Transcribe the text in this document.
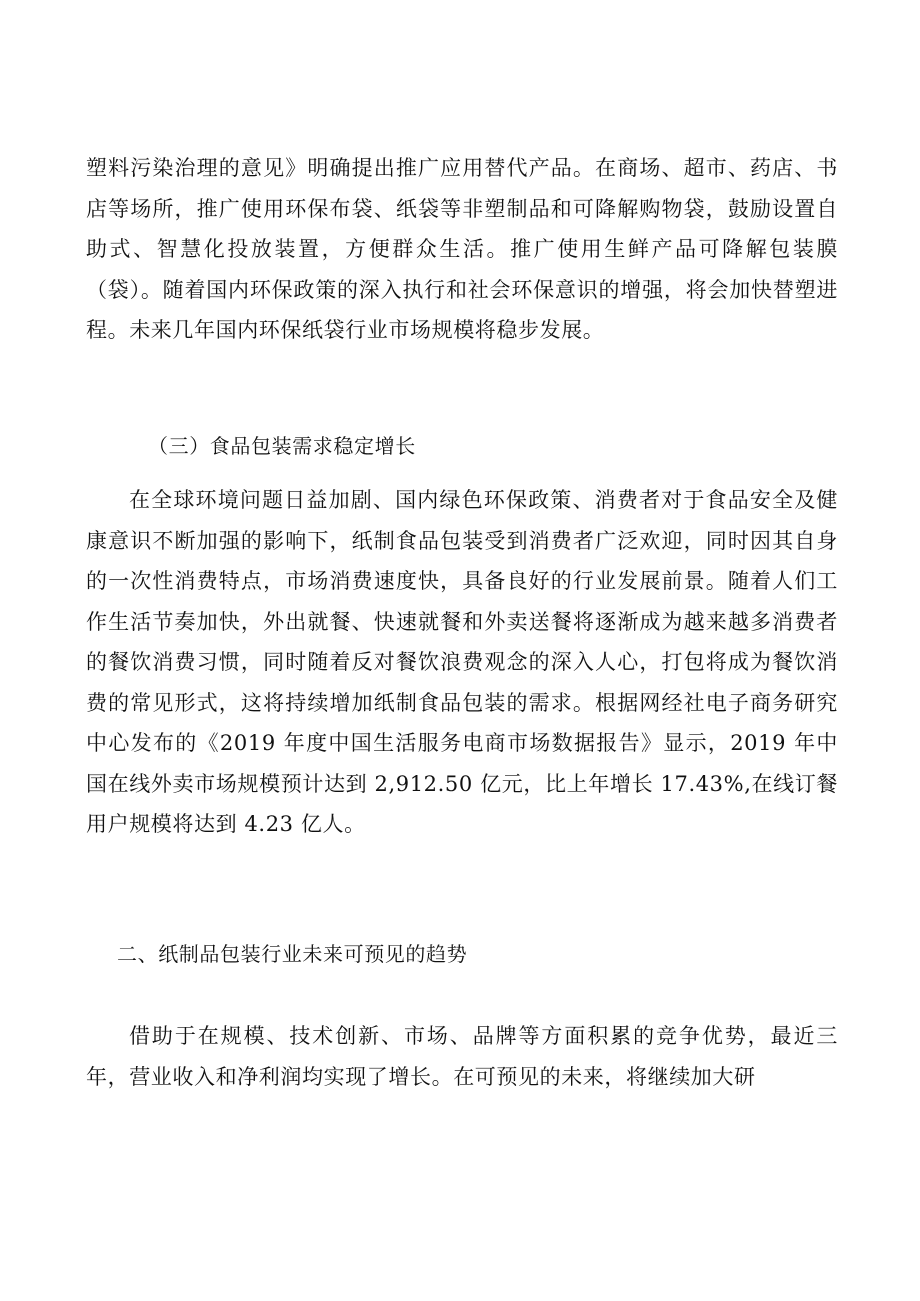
塑料污染治理的意见》明确提出推广应用替代产品。在商场、超市、药店、书店等场所，推广使用环保布袋、纸袋等非塑制品和可降解购物袋，鼓励设置自助式、智慧化投放装置，方便群众生活。推广使用生鲜产品可降解包装膜（袋）。随着国内环保政策的深入执行和社会环保意识的增强，将会加快替塑进程。未来几年国内环保纸袋行业市场规模将稳步发展。

（三）食品包装需求稳定增长

在全球环境问题日益加剧、国内绿色环保政策、消费者对于食品安全及健康意识不断加强的影响下，纸制食品包装受到消费者广泛欢迎，同时因其自身的一次性消费特点，市场消费速度快，具备良好的行业发展前景。随着人们工作生活节奏加快，外出就餐、快速就餐和外卖送餐将逐渐成为越来越多消费者的餐饮消费习惯，同时随着反对餐饮浪费观念的深入人心，打包将成为餐饮消费的常见形式，这将持续增加纸制食品包装的需求。根据网经社电子商务研究中心发布的《2019 年度中国生活服务电商市场数据报告》显示，2019 年中国在线外卖市场规模预计达到 2,912.50 亿元，比上年增长 17.43%,在线订餐用户规模将达到 4.23 亿人。

二、纸制品包装行业未来可预见的趋势

借助于在规模、技术创新、市场、品牌等方面积累的竞争优势，最近三年，营业收入和净利润均实现了增长。在可预见的未来，将继续加大研
